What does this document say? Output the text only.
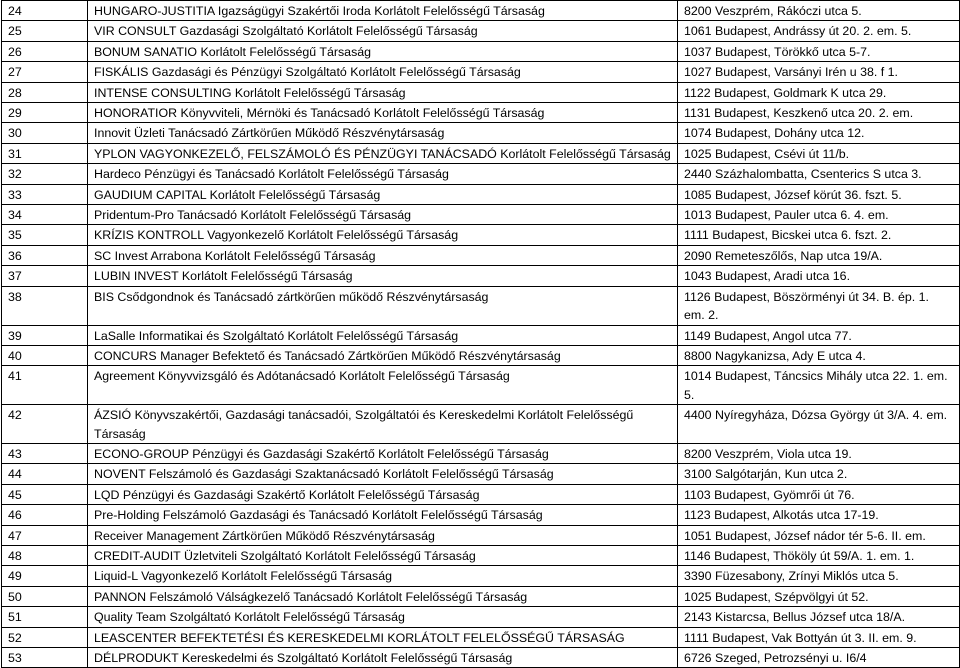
24	HUNGARO-JUSTITIA Igazságügyi Szakértői Iroda Korlátolt Felelősségű Társaság	8200 Veszprém, Rákóczi utca 5.
25	VIR CONSULT Gazdasági Szolgáltató Korlátolt Felelősségű Társaság	1061 Budapest, Andrássy út 20. 2. em. 5.
26	BONUM SANATIO Korlátolt Felelősségű Társaság	1037 Budapest, Törökkő utca 5-7.
27	FISKÁLIS Gazdasági és Pénzügyi Szolgáltató Korlátolt Felelősségű Társaság	1027 Budapest, Varsányi Irén u 38. f 1.
28	INTENSE CONSULTING Korlátolt Felelősségű Társaság	1122 Budapest, Goldmark K utca 29.
29	HONORATIOR Könyvviteli, Mérnöki és Tanácsadó Korlátolt Felelősségű Társaság	1131 Budapest, Keszkenő utca 20. 2. em.
30	Innovit Üzleti Tanácsadó Zártkörűen Működő Részvénytársaság	1074 Budapest, Dohány utca 12.
31	YPLON VAGYONKEZELŐ, FELSZÁMOLÓ ÉS PÉNZÜGYI TANÁCSADÓ Korlátolt Felelősségű Társaság	1025 Budapest, Csévi út 11/b.
32	Hardeco Pénzügyi és Tanácsadó Korlátolt Felelősségű Társaság	2440 Százhalombatta, Csenterics S utca 3.
33	GAUDIUM CAPITAL Korlátolt Felelősségű Társaság	1085 Budapest, József körút 36. fszt. 5.
34	Pridentum-Pro Tanácsadó Korlátolt Felelősségű Társaság	1013 Budapest, Pauler utca 6. 4. em.
35	KRÍZIS KONTROLL Vagyonkezelő Korlátolt Felelősségű Társaság	1111 Budapest, Bicskei utca 6. fszt. 2.
36	SC Invest Arrabona Korlátolt Felelősségű Társaság	2090 Remeteszőlős, Nap utca 19/A.
37	LUBIN INVEST Korlátolt Felelősségű Társaság	1043 Budapest, Aradi utca 16.
38	BIS Csődgondnok és Tanácsadó zártkörűen működő Részvénytársaság	1126 Budapest, Böszörményi út 34. B. ép. 1. em. 2.
39	LaSalle Informatikai és Szolgáltató Korlátolt Felelősségű Társaság	1149 Budapest, Angol utca 77.
40	CONCURS Manager Befektető és Tanácsadó Zártkörűen Működő Részvénytársaság	8800 Nagykanizsa, Ady E utca 4.
41	Agreement Könyvvizsgáló és Adótanácsadó Korlátolt Felelősségű Társaság	1014 Budapest, Táncsics Mihály utca 22. 1. em. 5.
42	ÁZSIÓ Könyvszakértői, Gazdasági tanácsadói, Szolgáltatói és Kereskedelmi Korlátolt Felelősségű Társaság	4400 Nyíregyháza, Dózsa György út 3/A. 4. em.
43	ECONO-GROUP Pénzügyi és Gazdasági Szakértő Korlátolt Felelősségű Társaság	8200 Veszprém, Viola utca 19.
44	NOVENT Felszámoló és Gazdasági Szaktanácsadó Korlátolt Felelősségű Társaság	3100 Salgótarján, Kun utca 2.
45	LQD Pénzügyi és Gazdasági Szakértő Korlátolt Felelősségű Társaság	1103 Budapest, Gyömrői út 76.
46	Pre-Holding Felszámoló Gazdasági és Tanácsadó Korlátolt Felelősségű Társaság	1123 Budapest, Alkotás utca 17-19.
47	Receiver Management Zártkörűen Működő Részvénytársaság	1051 Budapest, József nádor tér 5-6. II. em.
48	CREDIT-AUDIT Üzletviteli Szolgáltató Korlátolt Felelősségű Társaság	1146 Budapest, Thököly út 59/A. 1. em. 1.
49	Liquid-L Vagyonkezelő Korlátolt Felelősségű Társaság	3390 Füzesabony, Zrínyi Miklós utca 5.
50	PANNON Felszámoló Válságkezelő Tanácsadó Korlátolt Felelősségű Társaság	1025 Budapest, Szépvölgyi út 52.
51	Quality Team Szolgáltató Korlátolt Felelősségű Társaság	2143 Kistarcsa, Bellus József utca 18/A.
52	LEASCENTER BEFEKTETÉSI ÉS KERESKEDELMI KORLÁTOLT FELELŐSSÉGŰ TÁRSASÁG	1111 Budapest, Vak Bottyán út 3. II. em. 9.
53	DÉLPRODUKT Kereskedelmi és Szolgáltató Korlátolt Felelősségű Társaság	6726 Szeged, Petrozsényi u. I6/4
